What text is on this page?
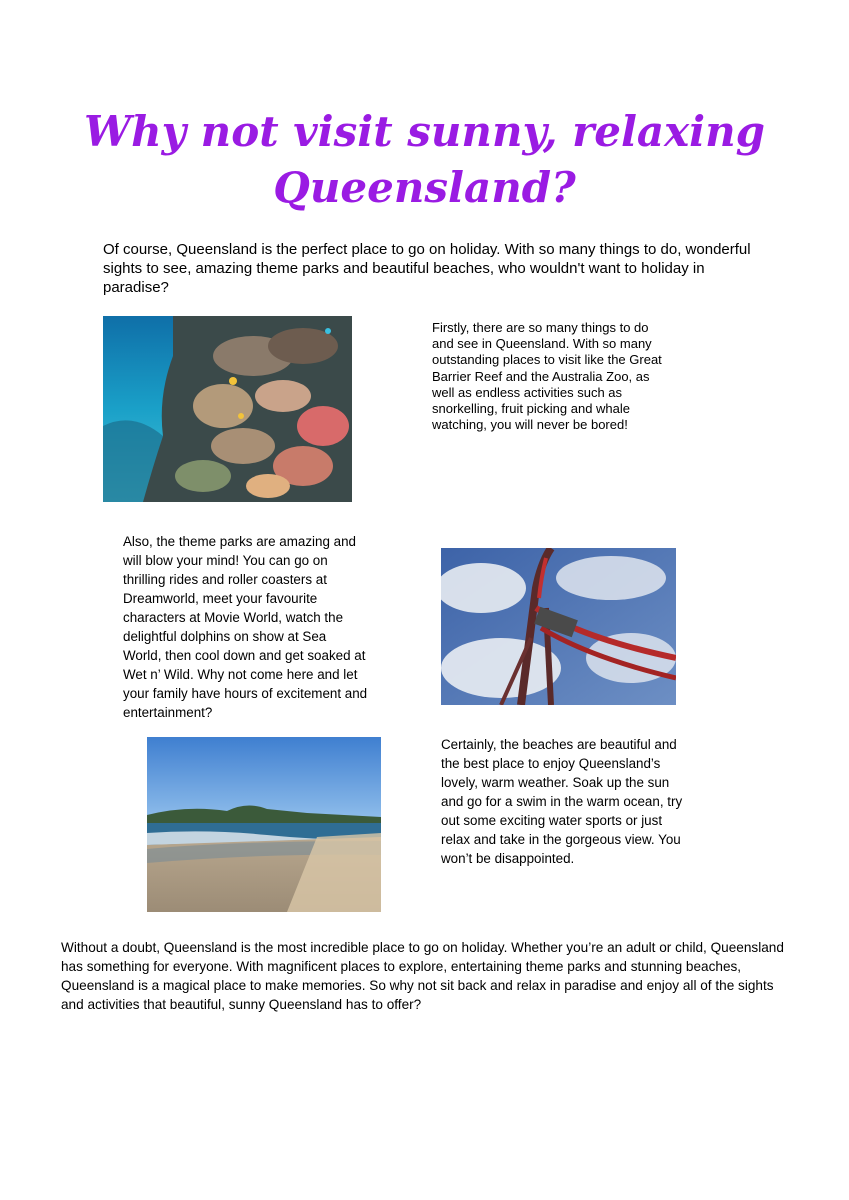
Why not visit sunny, relaxing
Queensland?

Of course, Queensland is the perfect place to go on holiday. With so many things to do, wonderful sights to see, amazing theme parks and beautiful beaches, who wouldn't want to holiday in paradise?

Firstly, there are so many things to do and see in Queensland. With so many outstanding places to visit like the Great Barrier Reef and the Australia Zoo, as well as endless activities such as snorkelling, fruit picking and whale watching, you will never be bored!

Also, the theme parks are amazing and will blow your mind! You can go on thrilling rides and roller coasters at Dreamworld, meet your favourite characters at Movie World, watch the delightful dolphins on show at Sea World, then cool down and get soaked at Wet n’ Wild. Why not come here and let your family have hours of excitement and entertainment?

Certainly, the beaches are beautiful and the best place to enjoy Queensland’s lovely, warm weather. Soak up the sun and go for a swim in the warm ocean, try out some exciting water sports or just relax and take in the gorgeous view. You won’t be disappointed.

Without a doubt, Queensland is the most incredible place to go on holiday. Whether you’re an adult or child, Queensland has something for everyone. With magnificent places to explore, entertaining theme parks and stunning beaches, Queensland is a magical place to make memories. So why not sit back and relax in paradise and enjoy all of the sights and activities that beautiful, sunny Queensland has to offer?
